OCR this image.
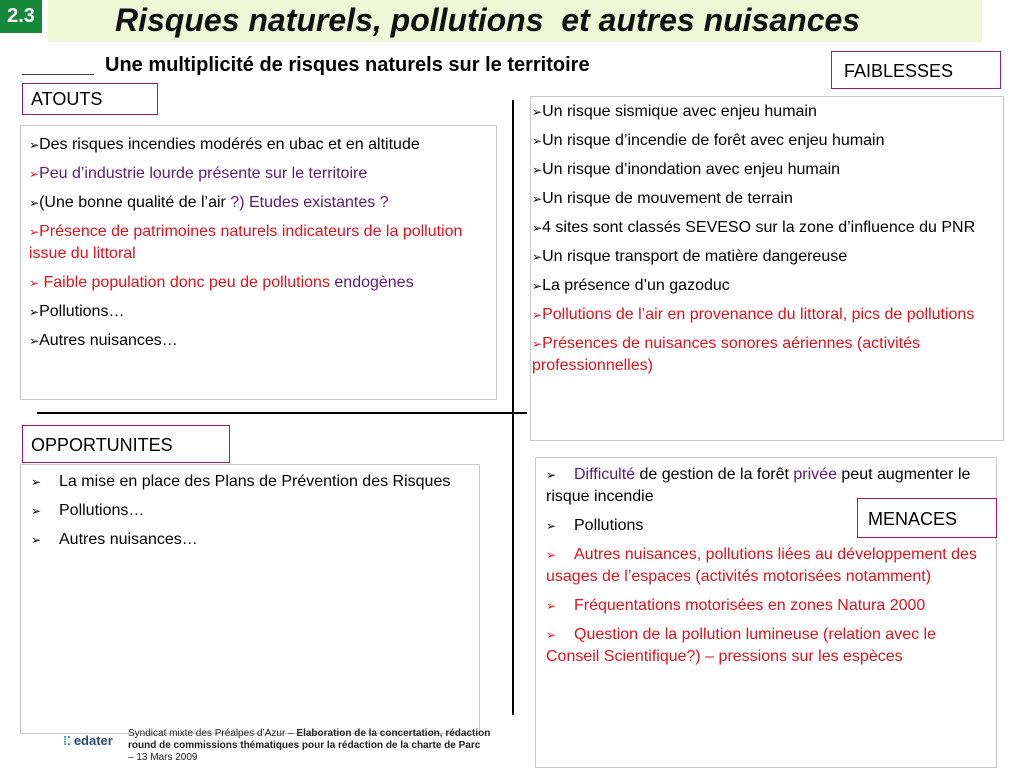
2.3	Risques naturels, pollutions  et autres nuisances
Une multiplicité de risques naturels sur le territoire
➢Des risques incendies modérés en ubac et en altitude
➢Peu d’industrie lourde présente sur le territoire
➢(Une bonne qualité de l’air ?) Etudes existantes ?
➢Présence de patrimoines naturels indicateurs de la pollution issue du littoral
➢ Faible population donc peu de pollutions endogènes
➢Pollutions…
➢Autres nuisances…
ATOUTS
➢Un risque sismique avec enjeu humain
➢Un risque d’incendie de forêt avec enjeu humain
➢Un risque d’inondation avec enjeu humain
➢Un risque de mouvement de terrain
➢4 sites sont classés SEVESO sur la zone d’influence du PNR
➢Un risque transport de matière dangereuse
➢La présence d’un gazoduc
➢Pollutions de l’air en provenance du littoral, pics de pollutions
➢Présences de nuisances sonores aériennes (activités professionnelles)
FAIBLESSES
➢ La mise en place des Plans de Prévention des Risques
➢ Pollutions…
➢ Autres nuisances…
OPPORTUNITES
⁞⁚ edater Syndicat mixte des Préalpes d’Azur – Elaboration de la concertation, rédaction
round de commissions thématiques pour la rédaction de la charte de Parc
– 13 Mars 2009
➢ Difficulté de gestion de la forêt privée peut augmenter le risque incendie
➢ Pollutions
➢ Autres nuisances, pollutions liées au développement des usages de l’espaces (activités motorisées notamment)
➢ Fréquentations motorisées en zones Natura 2000
➢ Question de la pollution lumineuse (relation avec le Conseil Scientifique?) – pressions sur les espèces
MENACES
